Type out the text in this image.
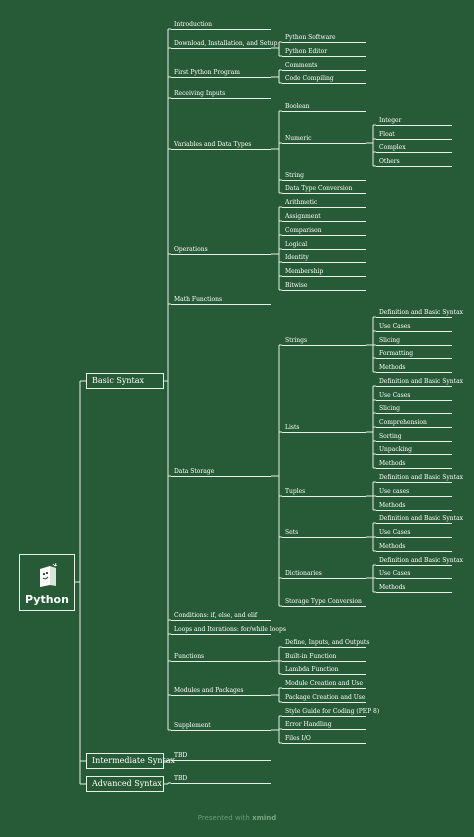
Python
Introduction
Download, Installation, and Setup
Python Software
Python Editor
First Python Program
Comments
Code Compiling
Receiving Inputs
Variables and Data Types
Boolean
Numeric
Integer
Float
Complex
Others
String
Data Type Conversion
Operations
Arithmetic
Assignment
Comparison
Logical
Identity
Membership
Bitwise
Math Functions
Data Storage
Strings
Definition and Basic Syntax
Use Cases
Slicing
Formatting
Methods
Lists
Definition and Basic Syntax
Use Cases
Slicing
Comprehension
Sorting
Unpacking
Methods
Tuples
Definition and Basic Syntax
Use cases
Methods
Sets
Definition and Basic Syntax
Use Cases
Methods
Dictionaries
Definition and Basic Syntax
Use Cases
Methods
Storage Type Conversion
Conditions: if, else, and elif
Loops and Iterations: for/while loops
Functions
Define, Inputs, and Outputs
Built-in Function
Lambda Function
Modules and Packages
Module Creation and Use
Package Creation and Use
Supplement
Style Guide for Coding (PEP 8)
Error Handling
Files I/O
Basic Syntax
Intermediate Syntax
TBD
Advanced Syntax
TBD
Presented with xmind
